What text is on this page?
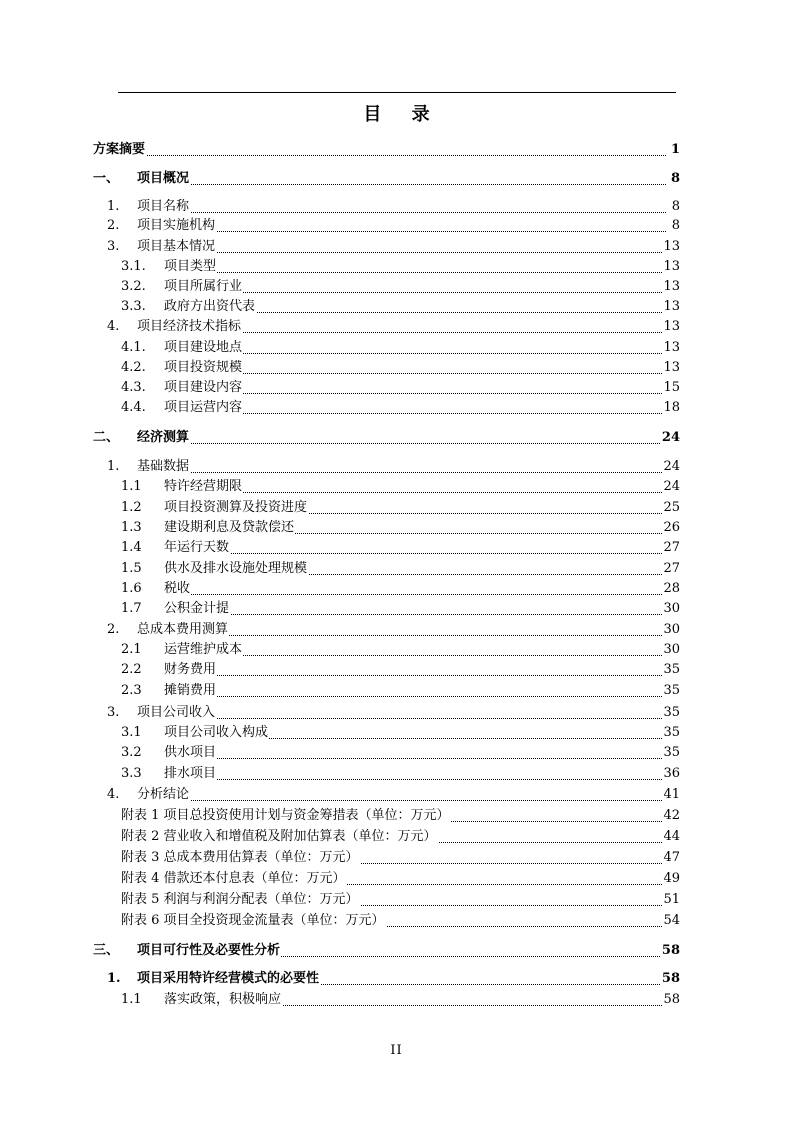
目 录
方案摘要	1
一、 项目概况	8
1. 项目名称	8
2. 项目实施机构	8
3. 项目基本情况	13
3.1. 项目类型	13
3.2. 项目所属行业	13
3.3. 政府方出资代表	13
4. 项目经济技术指标	13
4.1. 项目建设地点	13
4.2. 项目投资规模	13
4.3. 项目建设内容	15
4.4. 项目运营内容	18
二、 经济测算	24
1. 基础数据	24
1.1 特许经营期限	24
1.2 项目投资测算及投资进度	25
1.3 建设期利息及贷款偿还	26
1.4 年运行天数	27
1.5 供水及排水设施处理规模	27
1.6 税收	28
1.7 公积金计提	30
2. 总成本费用测算	30
2.1 运营维护成本	30
2.2 财务费用	35
2.3 摊销费用	35
3. 项目公司收入	35
3.1 项目公司收入构成	35
3.2 供水项目	35
3.3 排水项目	36
4. 分析结论	41
附表 1 项目总投资使用计划与资金筹措表（单位：万元）	42
附表 2 营业收入和增值税及附加估算表（单位：万元）	44
附表 3 总成本费用估算表（单位：万元）	47
附表 4 借款还本付息表（单位：万元）	49
附表 5 利润与利润分配表（单位：万元）	51
附表 6 项目全投资现金流量表（单位：万元）	54
三、 项目可行性及必要性分析	58
1. 项目采用特许经营模式的必要性	58
1.1 落实政策，积极响应	58
II
